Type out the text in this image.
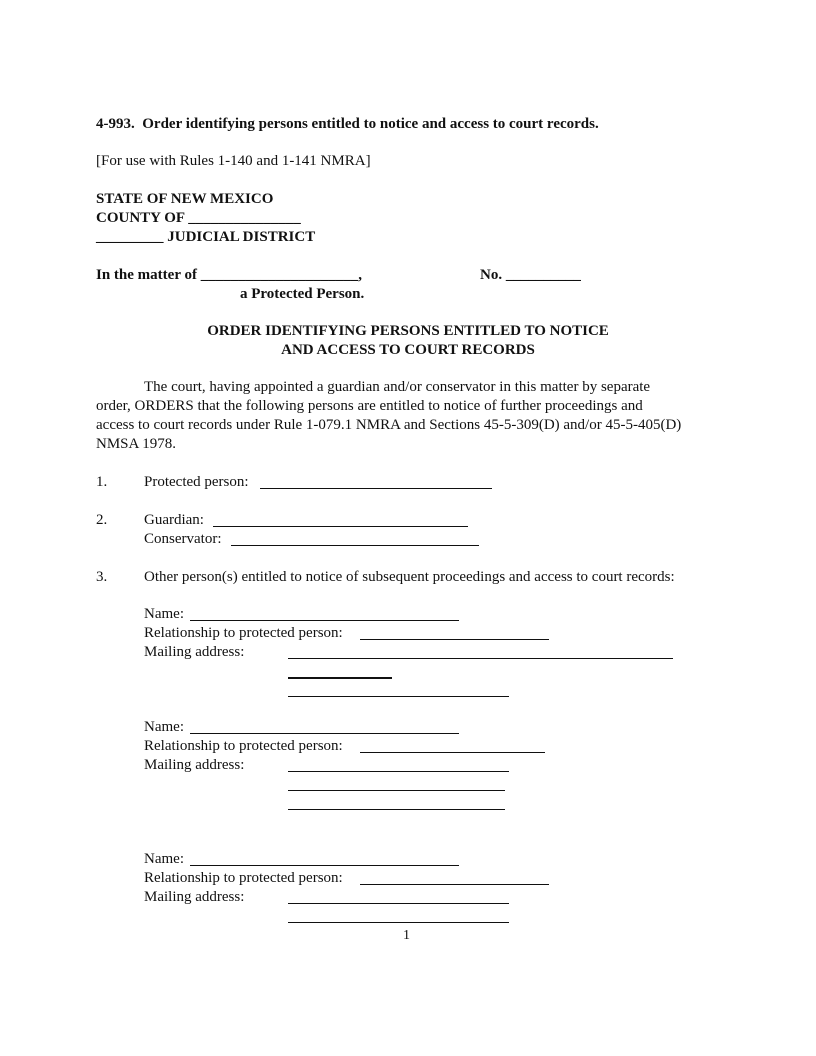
4-993.  Order identifying persons entitled to notice and access to court records.
[For use with Rules 1-140 and 1-141 NMRA]
STATE OF NEW MEXICO
COUNTY OF _______________
_________ JUDICIAL DISTRICT
In the matter of _____________________,	No. __________
a Protected Person.
ORDER IDENTIFYING PERSONS ENTITLED TO NOTICE
AND ACCESS TO COURT RECORDS
The court, having appointed a guardian and/or conservator in this matter by separate
order, ORDERS that the following persons are entitled to notice of further proceedings and
access to court records under Rule 1-079.1 NMRA and Sections 45-5-309(D) and/or 45-5-405(D)
NMSA 1978.
1. Protected person:
2. Guardian:
Conservator:
3. Other person(s) entitled to notice of subsequent proceedings and access to court records:
Name:
Relationship to protected person:
Mailing address:
Name:
Relationship to protected person:
Mailing address:
Name:
Relationship to protected person:
Mailing address:
1
